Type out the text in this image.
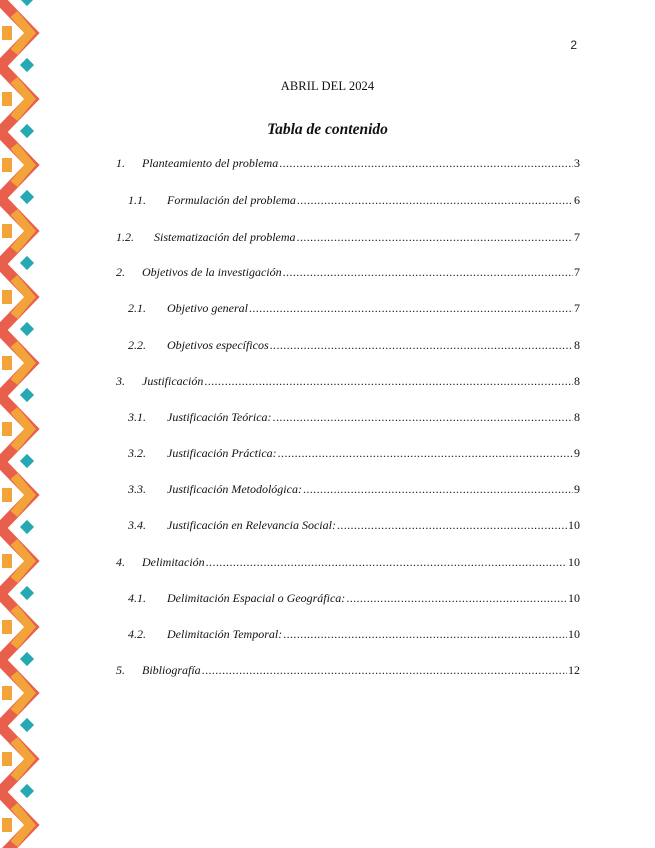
2
ABRIL DEL 2024
Tabla de contenido
1.	Planteamiento del problema .....	3
1.1.	Formulación del problema .....	6
1.2.	Sistematización del problema .....	7
2.	Objetivos de la investigación .....	7
2.1.	Objetivo general .....	7
2.2.	Objetivos específicos .....	8
3.	Justificación .....	8
3.1.	Justificación Teórica: .....	8
3.2.	Justificación Práctica: .....	9
3.3.	Justificación Metodológica: .....	9
3.4.	Justificación en Relevancia Social: .....	10
4.	Delimitación .....	10
4.1.	Delimitación Espacial o Geográfica: .....	10
4.2.	Delimitación Temporal: .....	10
5.	Bibliografía .....	12
